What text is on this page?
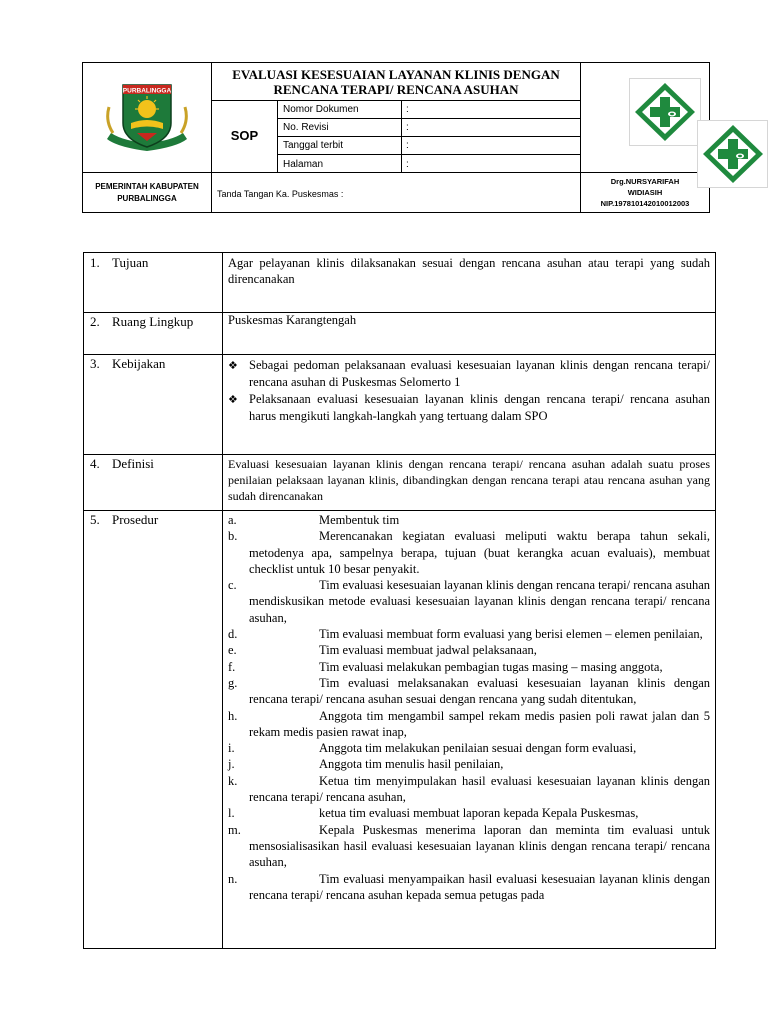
PURBALINGGA
EVALUASI KESESUAIAN LAYANAN KLINIS DENGAN
RENCANA TERAPI/ RENCANA ASUHAN
SOP
Nomor Dokumen	:
No. Revisi	:
Tanggal terbit	:
Halaman	:
PEMERINTAH KABUPATEN
PURBALINGGA	Tanda Tangan Ka. Puskesmas :
Drg.NURSYARIFAH
WIDIASIH
NIP.197810142010012003
1. Tujuan	Agar pelayanan klinis dilaksanakan sesuai dengan rencana asuhan atau terapi yang sudah direncanakan
2. Ruang Lingkup	Puskesmas Karangtengah
3. Kebijakan	❖ Sebagai pedoman pelaksanaan evaluasi kesesuaian layanan klinis dengan rencana terapi/ rencana asuhan di Puskesmas Selomerto 1
❖ Pelaksanaan evaluasi kesesuaian layanan klinis dengan rencana terapi/ rencana asuhan harus mengikuti langkah-langkah yang tertuang dalam SPO
4. Definisi	Evaluasi kesesuaian layanan klinis dengan rencana terapi/ rencana asuhan adalah suatu proses penilaian pelaksaan layanan klinis, dibandingkan dengan rencana terapi atau rencana asuhan yang sudah direncanakan
5. Prosedur	a.	Membentuk tim
b.	Merencanakan kegiatan evaluasi meliputi waktu berapa tahun sekali, metodenya apa, sampelnya berapa, tujuan (buat kerangka acuan evaluais), membuat checklist untuk 10 besar penyakit.
c.	Tim evaluasi kesesuaian layanan klinis dengan rencana terapi/ rencana asuhan mendiskusikan metode evaluasi kesesuaian layanan klinis dengan rencana terapi/ rencana asuhan,
d.	Tim evaluasi membuat form evaluasi yang berisi elemen – elemen penilaian,
e.	Tim evaluasi membuat jadwal pelaksanaan,
f.	Tim evaluasi melakukan pembagian tugas masing – masing anggota,
g.	Tim evaluasi melaksanakan evaluasi kesesuaian layanan klinis dengan rencana terapi/ rencana asuhan sesuai dengan rencana yang sudah ditentukan,
h.	Anggota tim mengambil sampel rekam medis pasien poli rawat jalan dan 5 rekam medis pasien rawat inap,
i.	Anggota tim melakukan penilaian sesuai dengan form evaluasi,
j.	Anggota tim menulis hasil penilaian,
k.	Ketua tim menyimpulakan hasil evaluasi kesesuaian layanan klinis dengan rencana terapi/ rencana asuhan,
l.	ketua tim evaluasi membuat laporan kepada Kepala Puskesmas,
m.	Kepala Puskesmas menerima laporan dan meminta tim evaluasi untuk mensosialisasikan hasil evaluasi kesesuaian layanan klinis dengan rencana terapi/ rencana asuhan,
n.	Tim evaluasi menyampaikan hasil evaluasi kesesuaian layanan klinis dengan rencana terapi/ rencana asuhan kepada semua petugas pada
